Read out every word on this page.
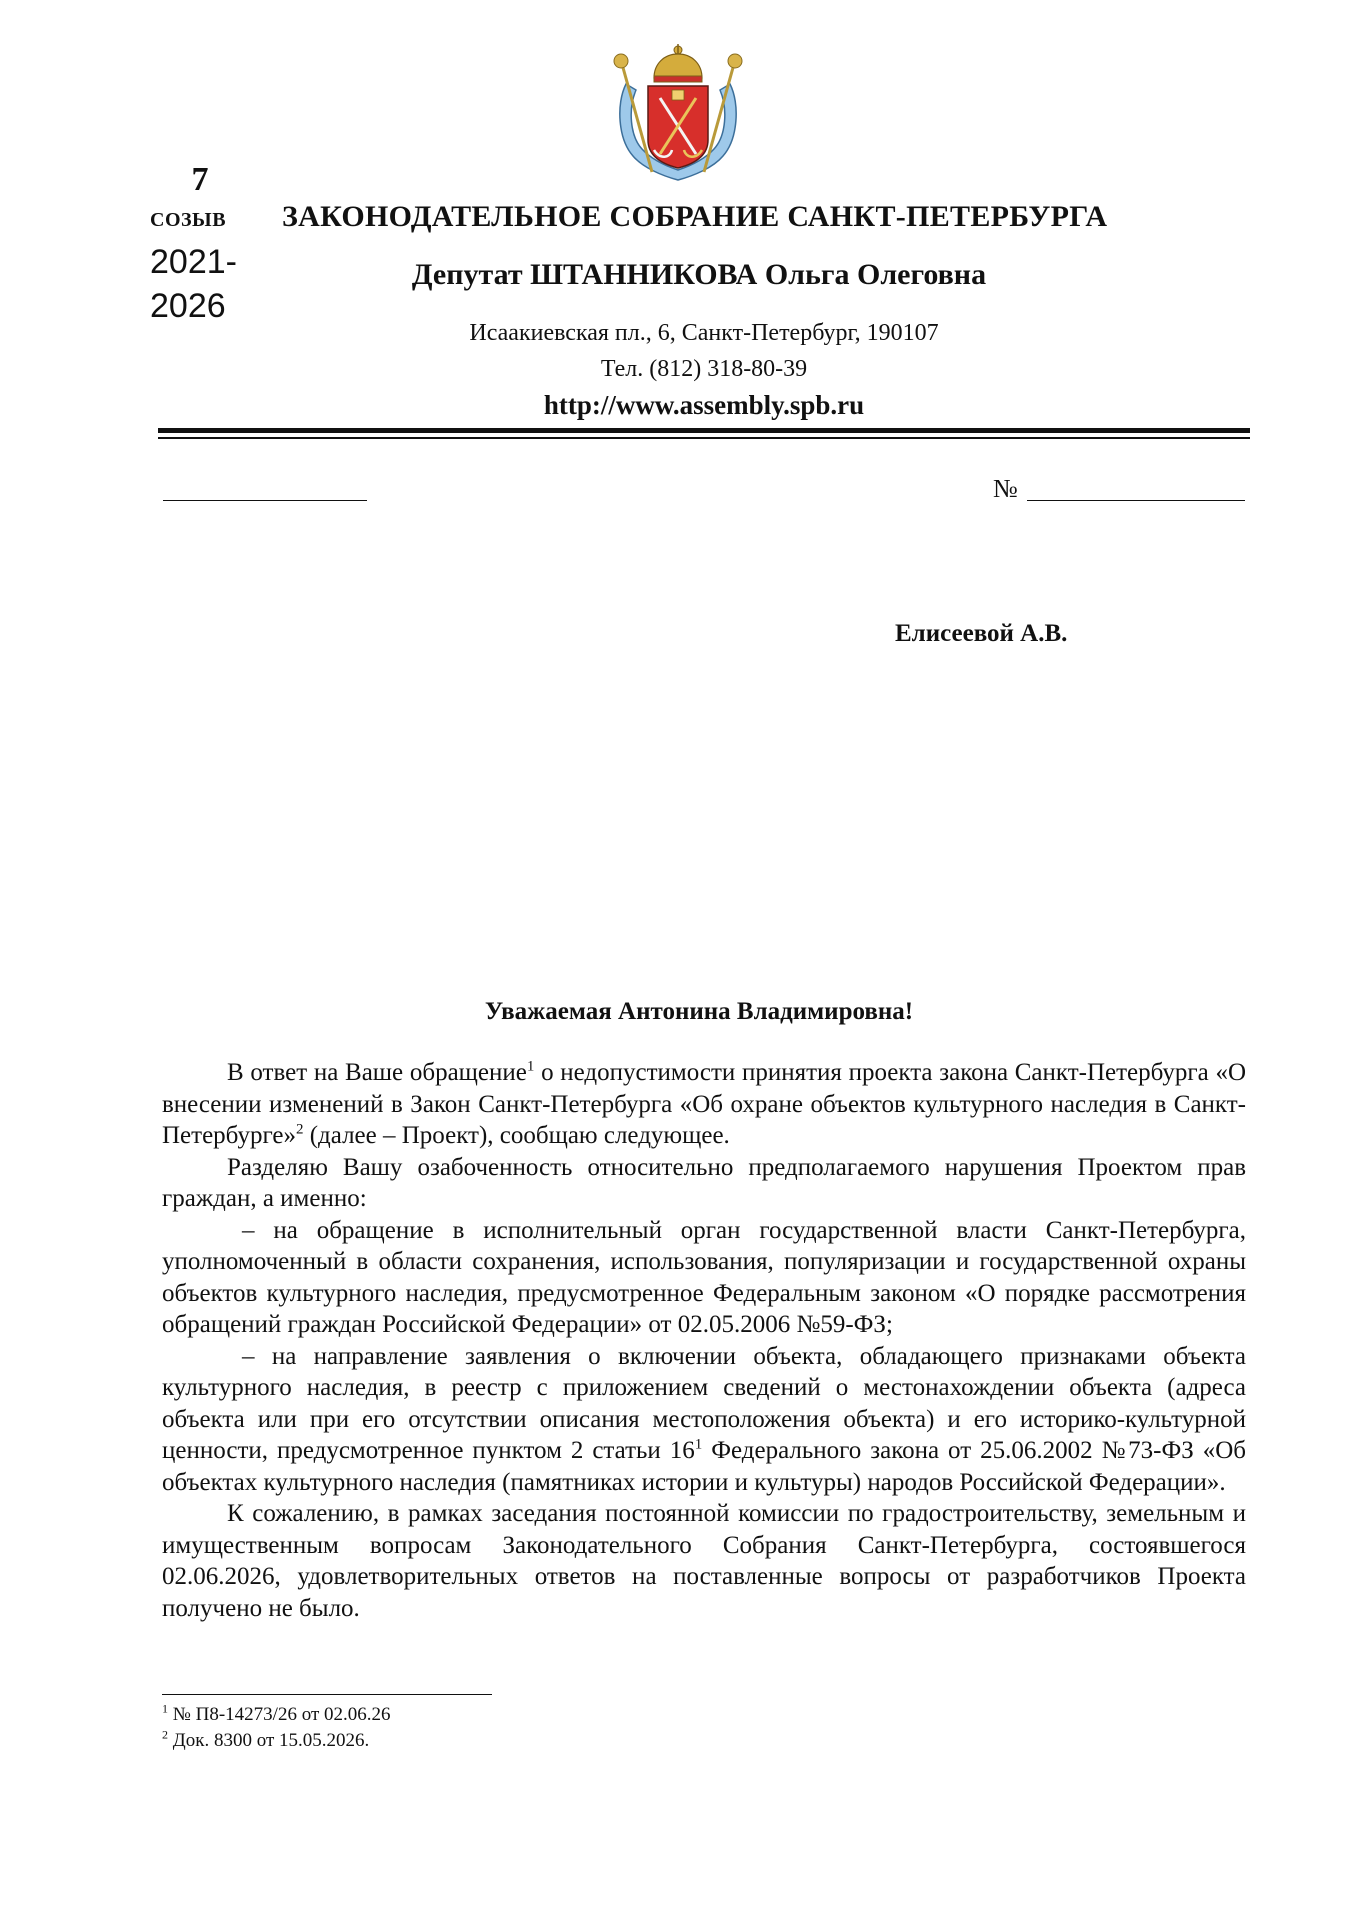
7
созыв
2021-
2026
ЗАКОНОДАТЕЛЬНОЕ СОБРАНИЕ САНКТ-ПЕТЕРБУРГА
Депутат ШТАННИКОВА Ольга Олеговна
Исаакиевская пл., 6, Санкт-Петербург, 190107
Тел. (812) 318-80-39
http://www.assembly.spb.ru
№
Елисеевой А.В.
Уважаемая Антонина Владимировна!

В ответ на Ваше обращение$^1$ о недопустимости принятия проекта закона Санкт-Петербурга «О внесении изменений в Закон Санкт-Петербурга «Об охране объектов культурного наследия в Санкт-Петербурге»$^2$ (далее – Проект), сообщаю следующее.

Разделяю Вашу озабоченность относительно предполагаемого нарушения Проектом прав граждан, а именно:

– на обращение в исполнительный орган государственной власти Санкт-Петербурга, уполномоченный в области сохранения, использования, популяризации и государственной охраны объектов культурного наследия, предусмотренное Федеральным законом «О порядке рассмотрения обращений граждан Российской Федерации» от 02.05.2006 №59-ФЗ;

– на направление заявления о включении объекта, обладающего признаками объекта культурного наследия, в реестр с приложением сведений о местонахождении объекта (адреса объекта или при его отсутствии описания местоположения объекта) и его историко-культурной ценности, предусмотренное пунктом 2 статьи $16^1$ Федерального закона от 25.06.2002 №73-ФЗ «Об объектах культурного наследия (памятниках истории и культуры) народов Российской Федерации».

К сожалению, в рамках заседания постоянной комиссии по градостроительству, земельным и имущественным вопросам Законодательного Собрания Санкт-Петербурга, состоявшегося 02.06.2026, удовлетворительных ответов на поставленные вопросы от разработчиков Проекта получено не было.

$^1$ № П8-14273/26 от 02.06.26
$^2$ Док. 8300 от 15.05.2026.
